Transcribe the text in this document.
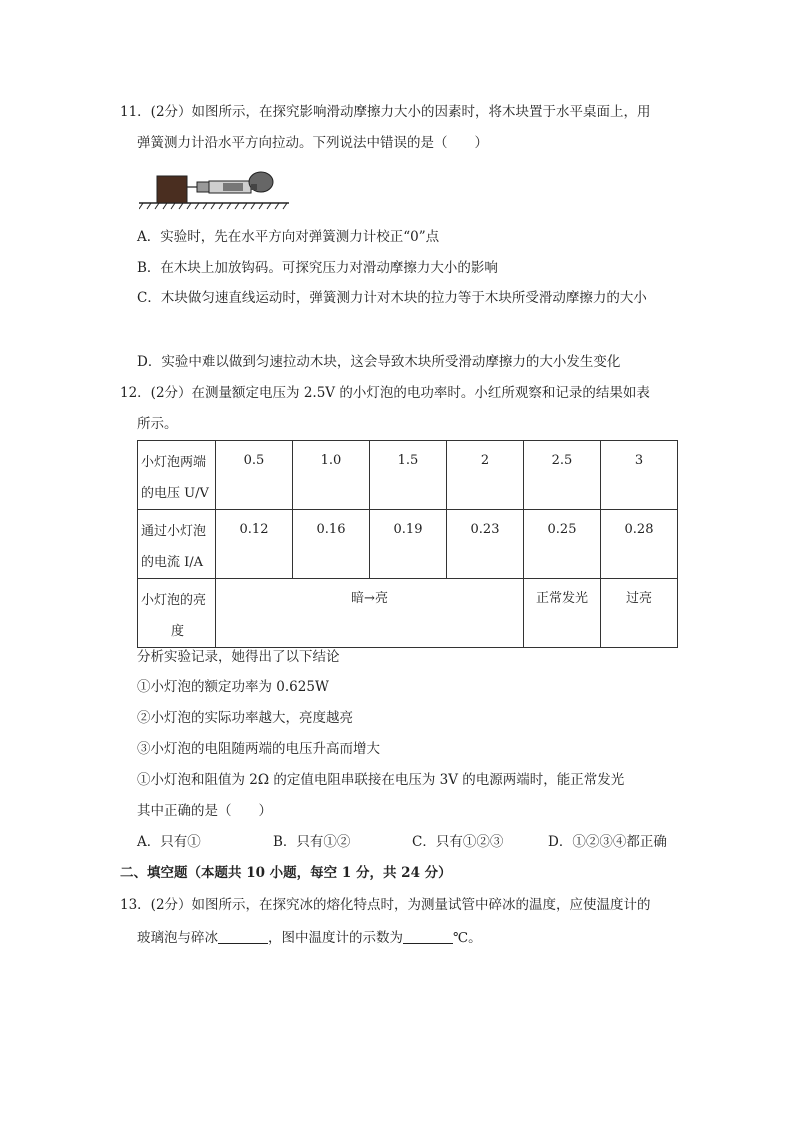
11．(2分）如图所示，在探究影响滑动摩擦力大小的因素时，将木块置于水平桌面上，用
弹簧测力计沿水平方向拉动。下列说法中错误的是（　　）
A．实验时，先在水平方向对弹簧测力计校正“0”点
B．在木块上加放钩码。可探究压力对滑动摩擦力大小的影响
C．木块做匀速直线运动时，弹簧测力计对木块的拉力等于木块所受滑动摩擦力的大小
D．实验中难以做到匀速拉动木块，这会导致木块所受滑动摩擦力的大小发生变化
12．(2分）在测量额定电压为 2.5V 的小灯泡的电功率时。小红所观察和记录的结果如表
所示。
小灯泡两端
的电压 U/V	0.5	1.0	1.5	2	2.5	3

通过小灯泡
的电流 I/A	0.12	0.16	0.19	0.23	0.25	0.28

小灯泡的亮
度	暗→亮				正常发光	过亮
分析实验记录，她得出了以下结论
①小灯泡的额定功率为 0.625W
②小灯泡的实际功率越大，亮度越亮
③小灯泡的电阻随两端的电压升高而增大
①小灯泡和阻值为 2Ω 的定值电阻串联接在电压为 3V 的电源两端时，能正常发光
其中正确的是（　　）
A．只有①	B．只有①②	C．只有①②③	D．①②③④都正确
二、填空题（本题共 10 小题，每空 1 分，共 24 分）
13．(2分）如图所示，在探究冰的熔化特点时，为测量试管中碎冰的温度，应使温度计的
玻璃泡与碎冰	，图中温度计的示数为	℃。
